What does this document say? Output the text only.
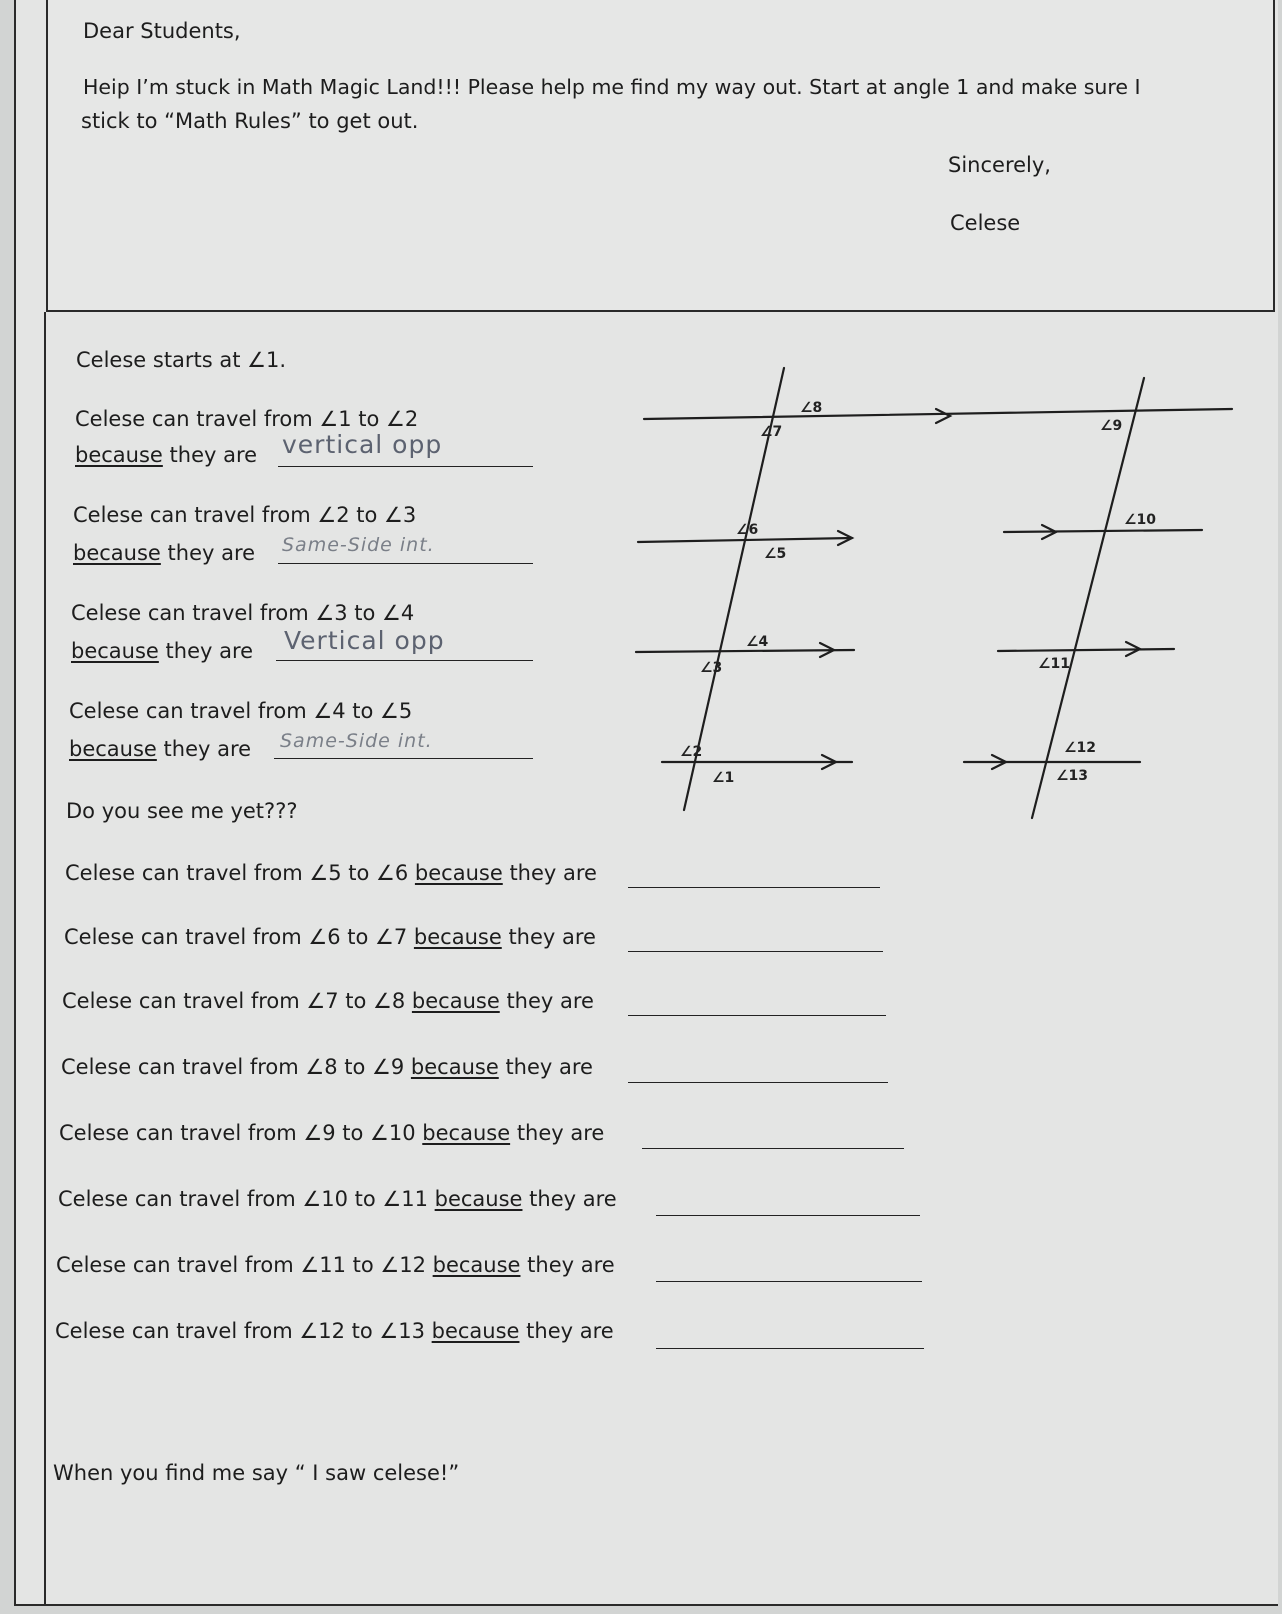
Dear Students,
Heip I’m stuck in Math Magic Land!!! Please help me find my way out. Start at angle 1 and make sure I
stick to “Math Rules” to get out.
Sincerely,
Celese
Celese starts at ∠1.
Celese can travel from ∠1 to ∠2
because they are vertical opp
Celese can travel from ∠2 to ∠3
because they are Same-Side int.
Celese can travel from ∠3 to ∠4
because they are Vertical opp
Celese can travel from ∠4 to ∠5
because they are Same-Side int.
Do you see me yet???
Celese can travel from ∠5 to ∠6 because they are
Celese can travel from ∠6 to ∠7 because they are
Celese can travel from ∠7 to ∠8 because they are
Celese can travel from ∠8 to ∠9 because they are
Celese can travel from ∠9 to ∠10 because they are
Celese can travel from ∠10 to ∠11 because they are
Celese can travel from ∠11 to ∠12 because they are
Celese can travel from ∠12 to ∠13 because they are
When you find me say “ I saw celese!”
∠8
∠7	∠9
∠6
∠5
∠10
∠4
∠3	∠11
∠2
∠1
∠12
∠13
